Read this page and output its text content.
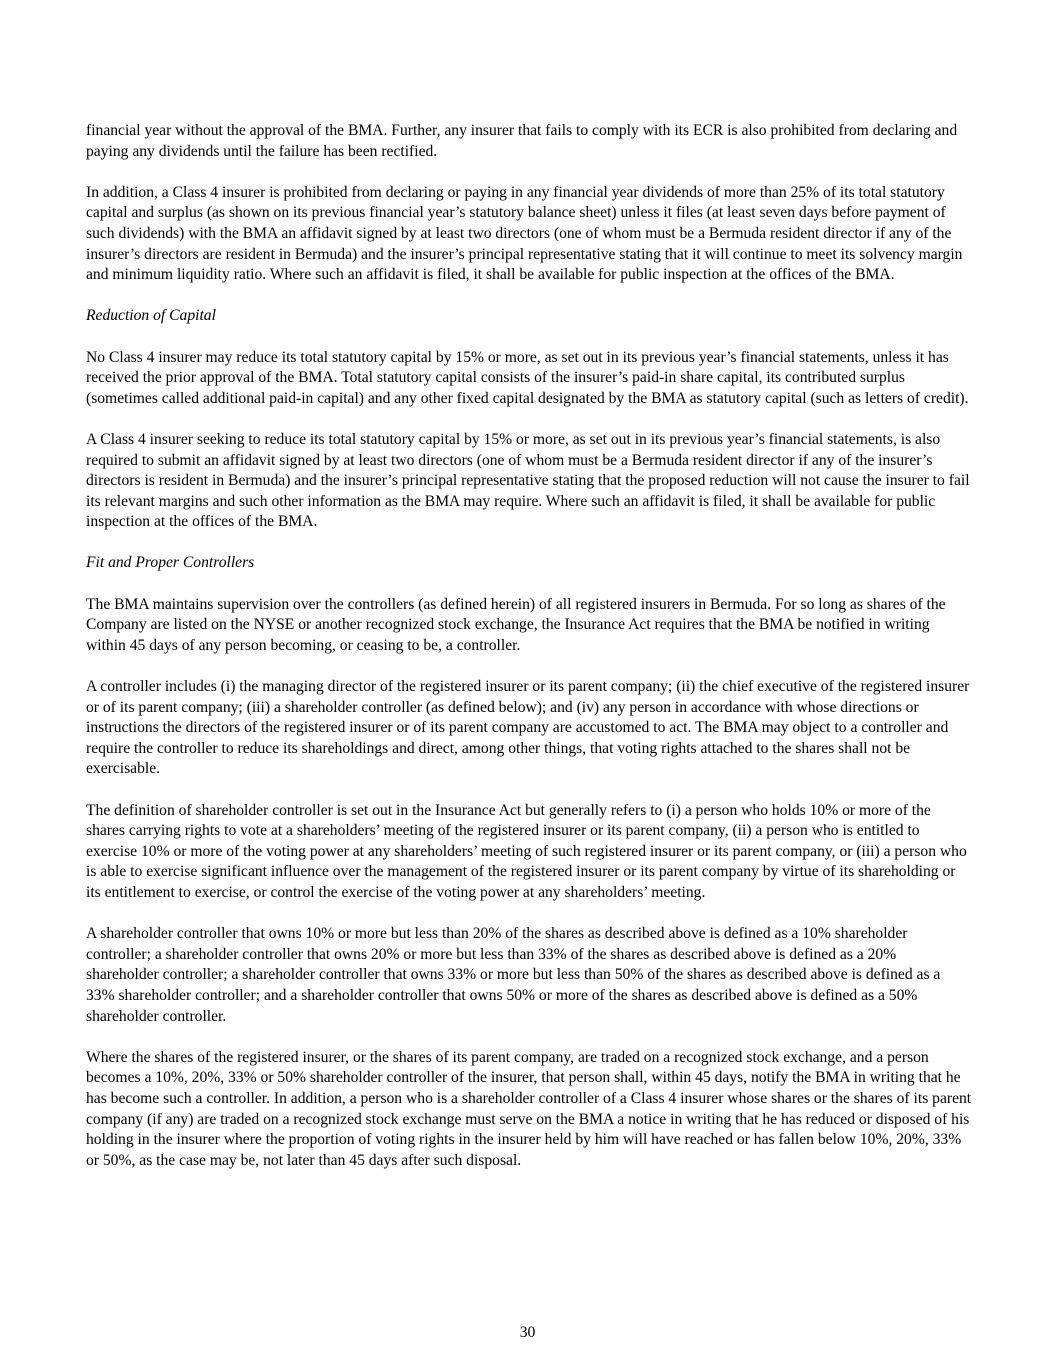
financial year without the approval of the BMA. Further, any insurer that fails to comply with its ECR is also prohibited from declaring and paying any dividends until the failure has been rectified.

In addition, a Class 4 insurer is prohibited from declaring or paying in any financial year dividends of more than 25% of its total statutory capital and surplus (as shown on its previous financial year’s statutory balance sheet) unless it files (at least seven days before payment of such dividends) with the BMA an affidavit signed by at least two directors (one of whom must be a Bermuda resident director if any of the insurer’s directors are resident in Bermuda) and the insurer’s principal representative stating that it will continue to meet its solvency margin and minimum liquidity ratio. Where such an affidavit is filed, it shall be available for public inspection at the offices of the BMA.

Reduction of Capital

No Class 4 insurer may reduce its total statutory capital by 15% or more, as set out in its previous year’s financial statements, unless it has received the prior approval of the BMA. Total statutory capital consists of the insurer’s paid-in share capital, its contributed surplus (sometimes called additional paid-in capital) and any other fixed capital designated by the BMA as statutory capital (such as letters of credit).

A Class 4 insurer seeking to reduce its total statutory capital by 15% or more, as set out in its previous year’s financial statements, is also required to submit an affidavit signed by at least two directors (one of whom must be a Bermuda resident director if any of the insurer’s directors is resident in Bermuda) and the insurer’s principal representative stating that the proposed reduction will not cause the insurer to fail its relevant margins and such other information as the BMA may require. Where such an affidavit is filed, it shall be available for public inspection at the offices of the BMA.

Fit and Proper Controllers

The BMA maintains supervision over the controllers (as defined herein) of all registered insurers in Bermuda. For so long as shares of the Company are listed on the NYSE or another recognized stock exchange, the Insurance Act requires that the BMA be notified in writing within 45 days of any person becoming, or ceasing to be, a controller.

A controller includes (i) the managing director of the registered insurer or its parent company; (ii) the chief executive of the registered insurer or of its parent company; (iii) a shareholder controller (as defined below); and (iv) any person in accordance with whose directions or instructions the directors of the registered insurer or of its parent company are accustomed to act. The BMA may object to a controller and require the controller to reduce its shareholdings and direct, among other things, that voting rights attached to the shares shall not be exercisable.

The definition of shareholder controller is set out in the Insurance Act but generally refers to (i) a person who holds 10% or more of the shares carrying rights to vote at a shareholders’ meeting of the registered insurer or its parent company, (ii) a person who is entitled to exercise 10% or more of the voting power at any shareholders’ meeting of such registered insurer or its parent company, or (iii) a person who is able to exercise significant influence over the management of the registered insurer or its parent company by virtue of its shareholding or its entitlement to exercise, or control the exercise of the voting power at any shareholders’ meeting.

A shareholder controller that owns 10% or more but less than 20% of the shares as described above is defined as a 10% shareholder controller; a shareholder controller that owns 20% or more but less than 33% of the shares as described above is defined as a 20% shareholder controller; a shareholder controller that owns 33% or more but less than 50% of the shares as described above is defined as a 33% shareholder controller; and a shareholder controller that owns 50% or more of the shares as described above is defined as a 50% shareholder controller.

Where the shares of the registered insurer, or the shares of its parent company, are traded on a recognized stock exchange, and a person becomes a 10%, 20%, 33% or 50% shareholder controller of the insurer, that person shall, within 45 days, notify the BMA in writing that he has become such a controller. In addition, a person who is a shareholder controller of a Class 4 insurer whose shares or the shares of its parent company (if any) are traded on a recognized stock exchange must serve on the BMA a notice in writing that he has reduced or disposed of his holding in the insurer where the proportion of voting rights in the insurer held by him will have reached or has fallen below 10%, 20%, 33% or 50%, as the case may be, not later than 45 days after such disposal.

30
